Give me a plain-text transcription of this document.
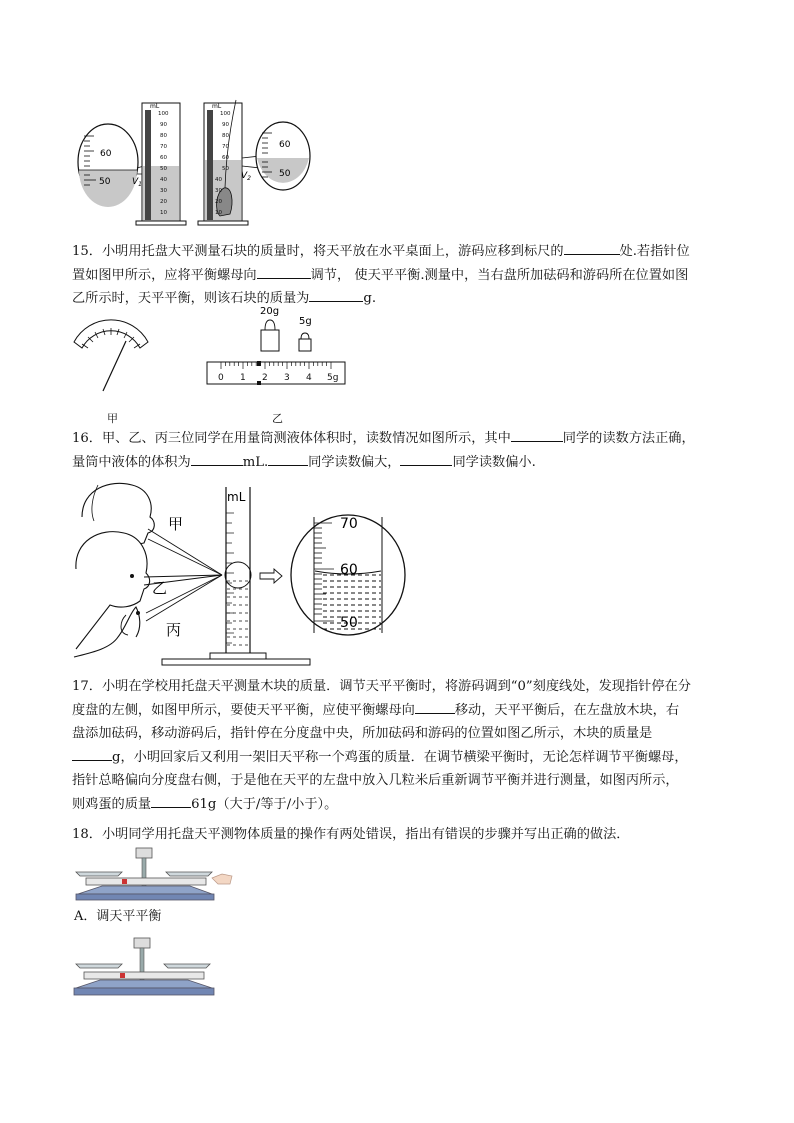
60
50 $V_1$
mL
100
90
80
70
60
50
40
30
20
10
mL
100
90
80
70
60
50
40
30
20
10
$V_2$
60
50
15．小明用托盘大平测量石块的质量时，将天平放在水平桌面上，游码应移到标尺的	处.若指针位
置如图甲所示，应将平衡螺母向	调节， 使天平平衡.测量中，当右盘所加砝码和游码所在位置如图
乙所示时，天平平衡，则该石块的质量为	g.
甲
20g
5g
0 1 2 3 4 5g
乙
16．甲、乙、丙三位同学在用量筒测液体体积时，读数情况如图所示，其中	同学的读数方法正确，
量筒中液体的体积为	mL.	同学读数偏大，	同学读数偏小.
甲
乙
丙
mL
70
60
50
17．小明在学校用托盘天平测量木块的质量．调节天平平衡时，将游码调到“0”刻度线处，发现指针停在分
度盘的左侧，如图甲所示，要使天平平衡，应使平衡螺母向	移动，天平平衡后，在左盘放木块，右
盘添加砝码，移动游码后，指针停在分度盘中央，所加砝码和游码的位置如图乙所示，木块的质量是
g，小明回家后又利用一架旧天平称一个鸡蛋的质量．在调节横梁平衡时，无论怎样调节平衡螺母，
指针总略偏向分度盘右侧，于是他在天平的左盘中放入几粒米后重新调节平衡并进行测量，如图丙所示，
则鸡蛋的质量	61g（大于/等于/小于）。
18．小明同学用托盘天平测物体质量的操作有两处错误，指出有错误的步骤并写出正确的做法．
A．调天平平衡
